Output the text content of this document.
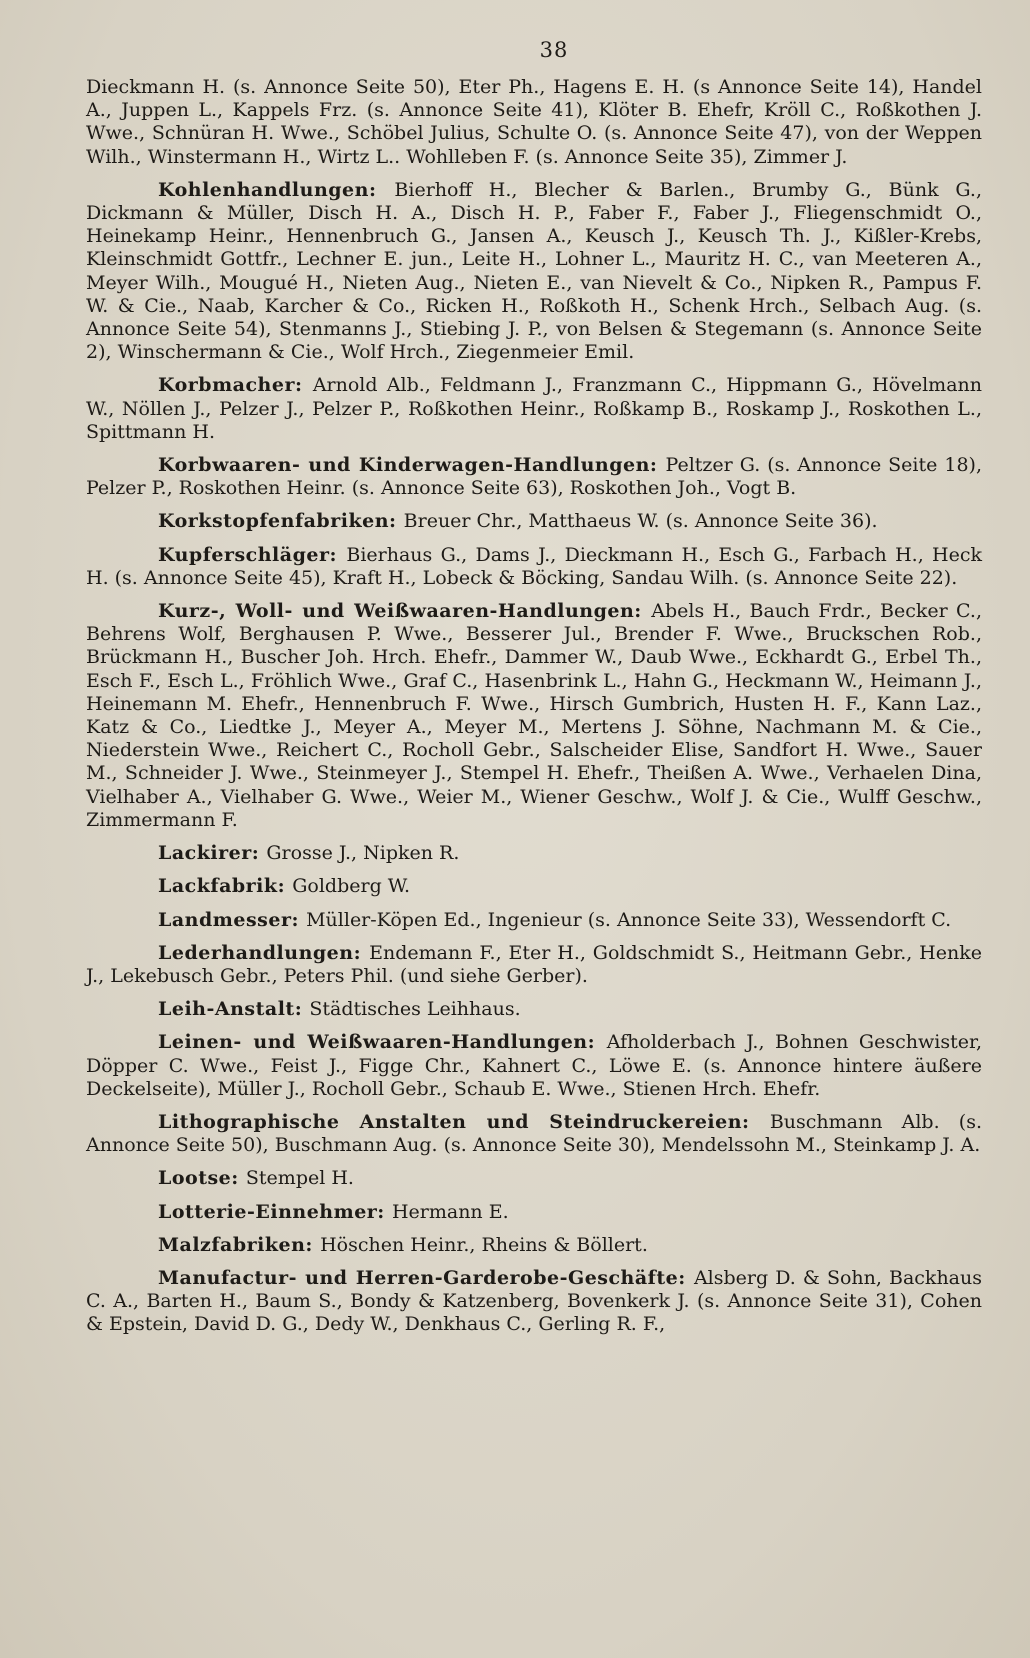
38

Dieckmann H. (s. Annonce Seite 50), Eter Ph., Hagens E. H. (s Annonce Seite 14), Handel A., Juppen L., Kappels Frz. (s. Annonce Seite 41), Klöter B. Ehefr, Kröll C., Roßkothen J. Wwe., Schnüran H. Wwe., Schöbel Julius, Schulte O. (s. Annonce Seite 47), von der Weppen Wilh., Winstermann H., Wirtz L.. Wohlleben F. (s. Annonce Seite 35), Zimmer J.

Kohlenhandlungen: Bierhoff H., Blecher & Barlen., Brumby G., Bünk G., Dickmann & Müller, Disch H. A., Disch H. P., Faber F., Faber J., Fliegenschmidt O., Heinekamp Heinr., Hennenbruch G., Jansen A., Keusch J., Keusch Th. J., Kißler-Krebs, Kleinschmidt Gottfr., Lechner E. jun., Leite H., Lohner L., Mauritz H. C., van Meeteren A., Meyer Wilh., Mougué H., Nieten Aug., Nieten E., van Nievelt & Co., Nipken R., Pampus F. W. & Cie., Naab, Karcher & Co., Ricken H., Roßkoth H., Schenk Hrch., Selbach Aug. (s. Annonce Seite 54), Stenmanns J., Stiebing J. P., von Belsen & Stegemann (s. Annonce Seite 2), Winschermann & Cie., Wolf Hrch., Ziegenmeier Emil.

Korbmacher: Arnold Alb., Feldmann J., Franzmann C., Hippmann G., Hövelmann W., Nöllen J., Pelzer J., Pelzer P., Roßkothen Heinr., Roßkamp B., Roskamp J., Roskothen L., Spittmann H.

Korbwaaren- und Kinderwagen-Handlungen: Peltzer G. (s. Annonce Seite 18), Pelzer P., Roskothen Heinr. (s. Annonce Seite 63), Roskothen Joh., Vogt B.

Korkstopfenfabriken: Breuer Chr., Matthaeus W. (s. Annonce Seite 36).

Kupferschläger: Bierhaus G., Dams J., Dieckmann H., Esch G., Farbach H., Heck H. (s. Annonce Seite 45), Kraft H., Lobeck & Böcking, Sandau Wilh. (s. Annonce Seite 22).

Kurz-, Woll- und Weißwaaren-Handlungen: Abels H., Bauch Frdr., Becker C., Behrens Wolf, Berghausen P. Wwe., Besserer Jul., Brender F. Wwe., Bruckschen Rob., Brückmann H., Buscher Joh. Hrch. Ehefr., Dammer W., Daub Wwe., Eckhardt G., Erbel Th., Esch F., Esch L., Fröhlich Wwe., Graf C., Hasenbrink L., Hahn G., Heckmann W., Heimann J., Heinemann M. Ehefr., Hennenbruch F. Wwe., Hirsch Gumbrich, Husten H. F., Kann Laz., Katz & Co., Liedtke J., Meyer A., Meyer M., Mertens J. Söhne, Nachmann M. & Cie., Niederstein Wwe., Reichert C., Rocholl Gebr., Salscheider Elise, Sandfort H. Wwe., Sauer M., Schneider J. Wwe., Steinmeyer J., Stempel H. Ehefr., Theißen A. Wwe., Verhaelen Dina, Vielhaber A., Vielhaber G. Wwe., Weier M., Wiener Geschw., Wolf J. & Cie., Wulff Geschw., Zimmermann F.

Lackirer: Grosse J., Nipken R.

Lackfabrik: Goldberg W.

Landmesser: Müller-Köpen Ed., Ingenieur (s. Annonce Seite 33), Wessendorft C.

Lederhandlungen: Endemann F., Eter H., Goldschmidt S., Heitmann Gebr., Henke J., Lekebusch Gebr., Peters Phil. (und siehe Gerber).

Leih-Anstalt: Städtisches Leihhaus.

Leinen- und Weißwaaren-Handlungen: Afholderbach J., Bohnen Geschwister, Döpper C. Wwe., Feist J., Figge Chr., Kahnert C., Löwe E. (s. Annonce hintere äußere Deckelseite), Müller J., Rocholl Gebr., Schaub E. Wwe., Stienen Hrch. Ehefr.

Lithographische Anstalten und Steindruckereien: Buschmann Alb. (s. Annonce Seite 50), Buschmann Aug. (s. Annonce Seite 30), Mendelssohn M., Steinkamp J. A.

Lootse: Stempel H.

Lotterie-Einnehmer: Hermann E.

Malzfabriken: Höschen Heinr., Rheins & Böllert.

Manufactur- und Herren-Garderobe-Geschäfte: Alsberg D. & Sohn, Backhaus C. A., Barten H., Baum S., Bondy & Katzenberg, Bovenkerk J. (s. Annonce Seite 31), Cohen & Epstein, David D. G., Dedy W., Denkhaus C., Gerling R. F.,
